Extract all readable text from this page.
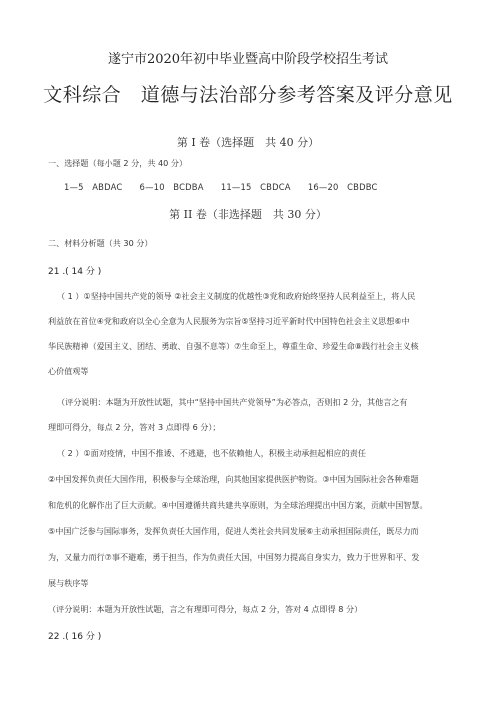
遂宁市2020年初中毕业暨高中阶段学校招生考试
文科综合　道德与法治部分参考答案及评分意见
第 I 卷（选择题　共 40 分）
一、选择题（每小题 2 分，共 40 分）
1—5　ABDAC　　6—10　BCDBA　　11—15　CBDCA　　16—20　CBDBC
第 II 卷（非选择题　共 30 分）
二、材料分析题（共 30 分）
21 .( 14 分 )
（ 1 ）①坚持中国共产党的领导 ②社会主义制度的优越性③党和政府始终坚持人民利益至上，将人民
利益放在首位④党和政府以全心全意为人民服务为宗旨⑤坚持习近平新时代中国特色社会主义思想⑥中
华民族精神（爱国主义、团结、勇敢、自强不息等）⑦生命至上，尊重生命、珍爱生命⑧践行社会主义核
心价值观等
（评分说明：本题为开放性试题，其中“坚持中国共产党领导”为必答点，否则扣 2 分，其他言之有
理即可得分，每点 2 分，答对 3 点即得 6 分）；
（ 2 ）①面对疫情，中国不推诿、不逃避，也不依赖他人，积极主动承担起相应的责任
②中国发挥负责任大国作用，积极参与全球治理，向其他国家提供医护物资。③中国为国际社会各种难题
和危机的化解作出了巨大贡献。④中国遵循共商共建共享原则，为全球治理提出中国方案，贡献中国智慧。
⑤中国广泛参与国际事务，发挥负责任大国作用，促进人类社会共同发展⑥主动承担国际责任，既尽力而
为，又量力而行⑦事不避难，勇于担当，作为负责任大国，中国努力提高自身实力，致力于世界和平、发
展与秩序等
（评分说明：本题为开放性试题，言之有理即可得分，每点 2 分，答对 4 点即得 8 分）
22 .( 16 分 )
